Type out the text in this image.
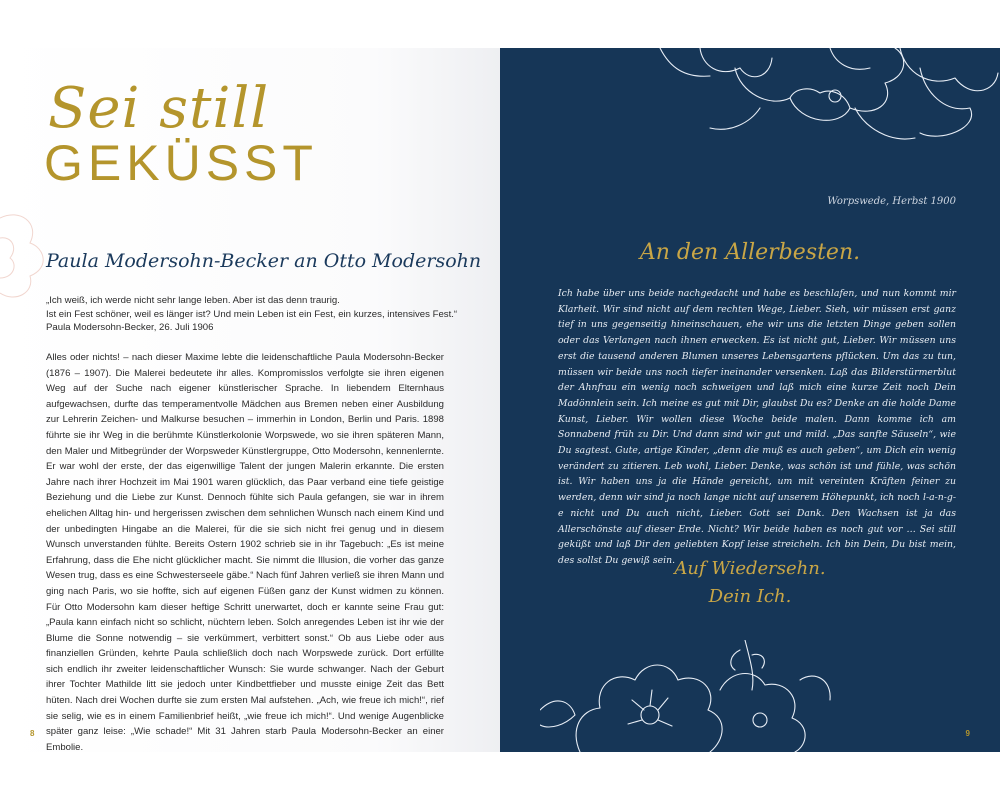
Sei still
GEKÜSST
Paula Modersohn-Becker an Otto Modersohn
„Ich weiß, ich werde nicht sehr lange leben. Aber ist das denn traurig.
Ist ein Fest schöner, weil es länger ist? Und mein Leben ist ein Fest, ein kurzes, intensives Fest.“
Paula Modersohn-Becker, 26. Juli 1906
Alles oder nichts! – nach dieser Maxime lebte die leidenschaftliche Paula Modersohn-Becker (1876 – 1907). Die Malerei bedeutete ihr alles. Kompromisslos verfolgte sie ihren eigenen Weg auf der Suche nach eigener künstlerischer Sprache. In liebendem Elternhaus aufgewachsen, durfte das temperamentvolle Mädchen aus Bremen neben einer Ausbildung zur Lehrerin Zeichen- und Malkurse besuchen – immerhin in London, Berlin und Paris. 1898 führte sie ihr Weg in die berühmte Künstlerkolonie Worpswede, wo sie ihren späteren Mann, den Maler und Mitbegründer der Worpsweder Künstlergruppe, Otto Modersohn, kennenlernte. Er war wohl der erste, der das eigenwillige Talent der jungen Malerin erkannte. Die ersten Jahre nach ihrer Hochzeit im Mai 1901 waren glücklich, das Paar verband eine tiefe geistige Beziehung und die Liebe zur Kunst. Dennoch fühlte sich Paula gefangen, sie war in ihrem ehelichen Alltag hin- und hergerissen zwischen dem sehnlichen Wunsch nach einem Kind und der unbedingten Hingabe an die Malerei, für die sie sich nicht frei genug und in diesem Wunsch unverstanden fühlte. Bereits Ostern 1902 schrieb sie in ihr Tagebuch: „Es ist meine Erfahrung, dass die Ehe nicht glücklicher macht. Sie nimmt die Illusion, die vorher das ganze Wesen trug, dass es eine Schwesterseele gäbe.“ Nach fünf Jahren verließ sie ihren Mann und ging nach Paris, wo sie hoffte, sich auf eigenen Füßen ganz der Kunst widmen zu können. Für Otto Modersohn kam dieser heftige Schritt unerwartet, doch er kannte seine Frau gut: „Paula kann einfach nicht so schlicht, nüchtern leben. Solch anregendes Leben ist ihr wie der Blume die Sonne notwendig – sie verkümmert, verbittert sonst.“ Ob aus Liebe oder aus finanziellen Gründen, kehrte Paula schließlich doch nach Worpswede zurück. Dort erfüllte sich endlich ihr zweiter leidenschaftlicher Wunsch: Sie wurde schwanger. Nach der Geburt ihrer Tochter Mathilde litt sie jedoch unter Kindbettfieber und musste einige Zeit das Bett hüten. Nach drei Wochen durfte sie zum ersten Mal aufstehen. „Ach, wie freue ich mich!“, rief sie selig, wie es in einem Familienbrief heißt, „wie freue ich mich!“. Und wenige Augenblicke später ganz leise: „Wie schade!“ Mit 31 Jahren starb Paula Modersohn-Becker an einer Embolie.
8
Worpswede, Herbst 1900
An den Allerbesten.
Ich habe über uns beide nachgedacht und habe es beschlafen, und nun kommt mir Klarheit. Wir sind nicht auf dem rechten Wege, Lieber. Sieh, wir müssen erst ganz tief in uns gegenseitig hineinschauen, ehe wir uns die letzten Dinge geben sollen oder das Verlangen nach ihnen erwecken. Es ist nicht gut, Lieber. Wir müssen uns erst die tausend anderen Blumen unseres Lebensgartens pflücken. Um das zu tun, müssen wir beide uns noch tiefer ineinander versenken. Laß das Bilderstürmerblut der Ahnfrau ein wenig noch schweigen und laß mich eine kurze Zeit noch Dein Madönnlein sein. Ich meine es gut mit Dir, glaubst Du es? Denke an die holde Dame Kunst, Lieber. Wir wollen diese Woche beide malen. Dann komme ich am Sonnabend früh zu Dir. Und dann sind wir gut und mild. „Das sanfte Säuseln“, wie Du sagtest. Gute, artige Kinder, „denn die muß es auch geben“, um Dich ein wenig verändert zu zitieren. Leb wohl, Lieber. Denke, was schön ist und fühle, was schön ist. Wir haben uns ja die Hände gereicht, um mit vereinten Kräften feiner zu werden, denn wir sind ja noch lange nicht auf unserem Höhepunkt, ich noch l-a-n-g-e nicht und Du auch nicht, Lieber. Gott sei Dank. Den Wachsen ist ja das Allerschönste auf dieser Erde. Nicht? Wir beide haben es noch gut vor … Sei still geküßt und laß Dir den geliebten Kopf leise streicheln. Ich bin Dein, Du bist mein, des sollst Du gewiß sein. Auf Wiedersehn.
Dein Ich.
9
